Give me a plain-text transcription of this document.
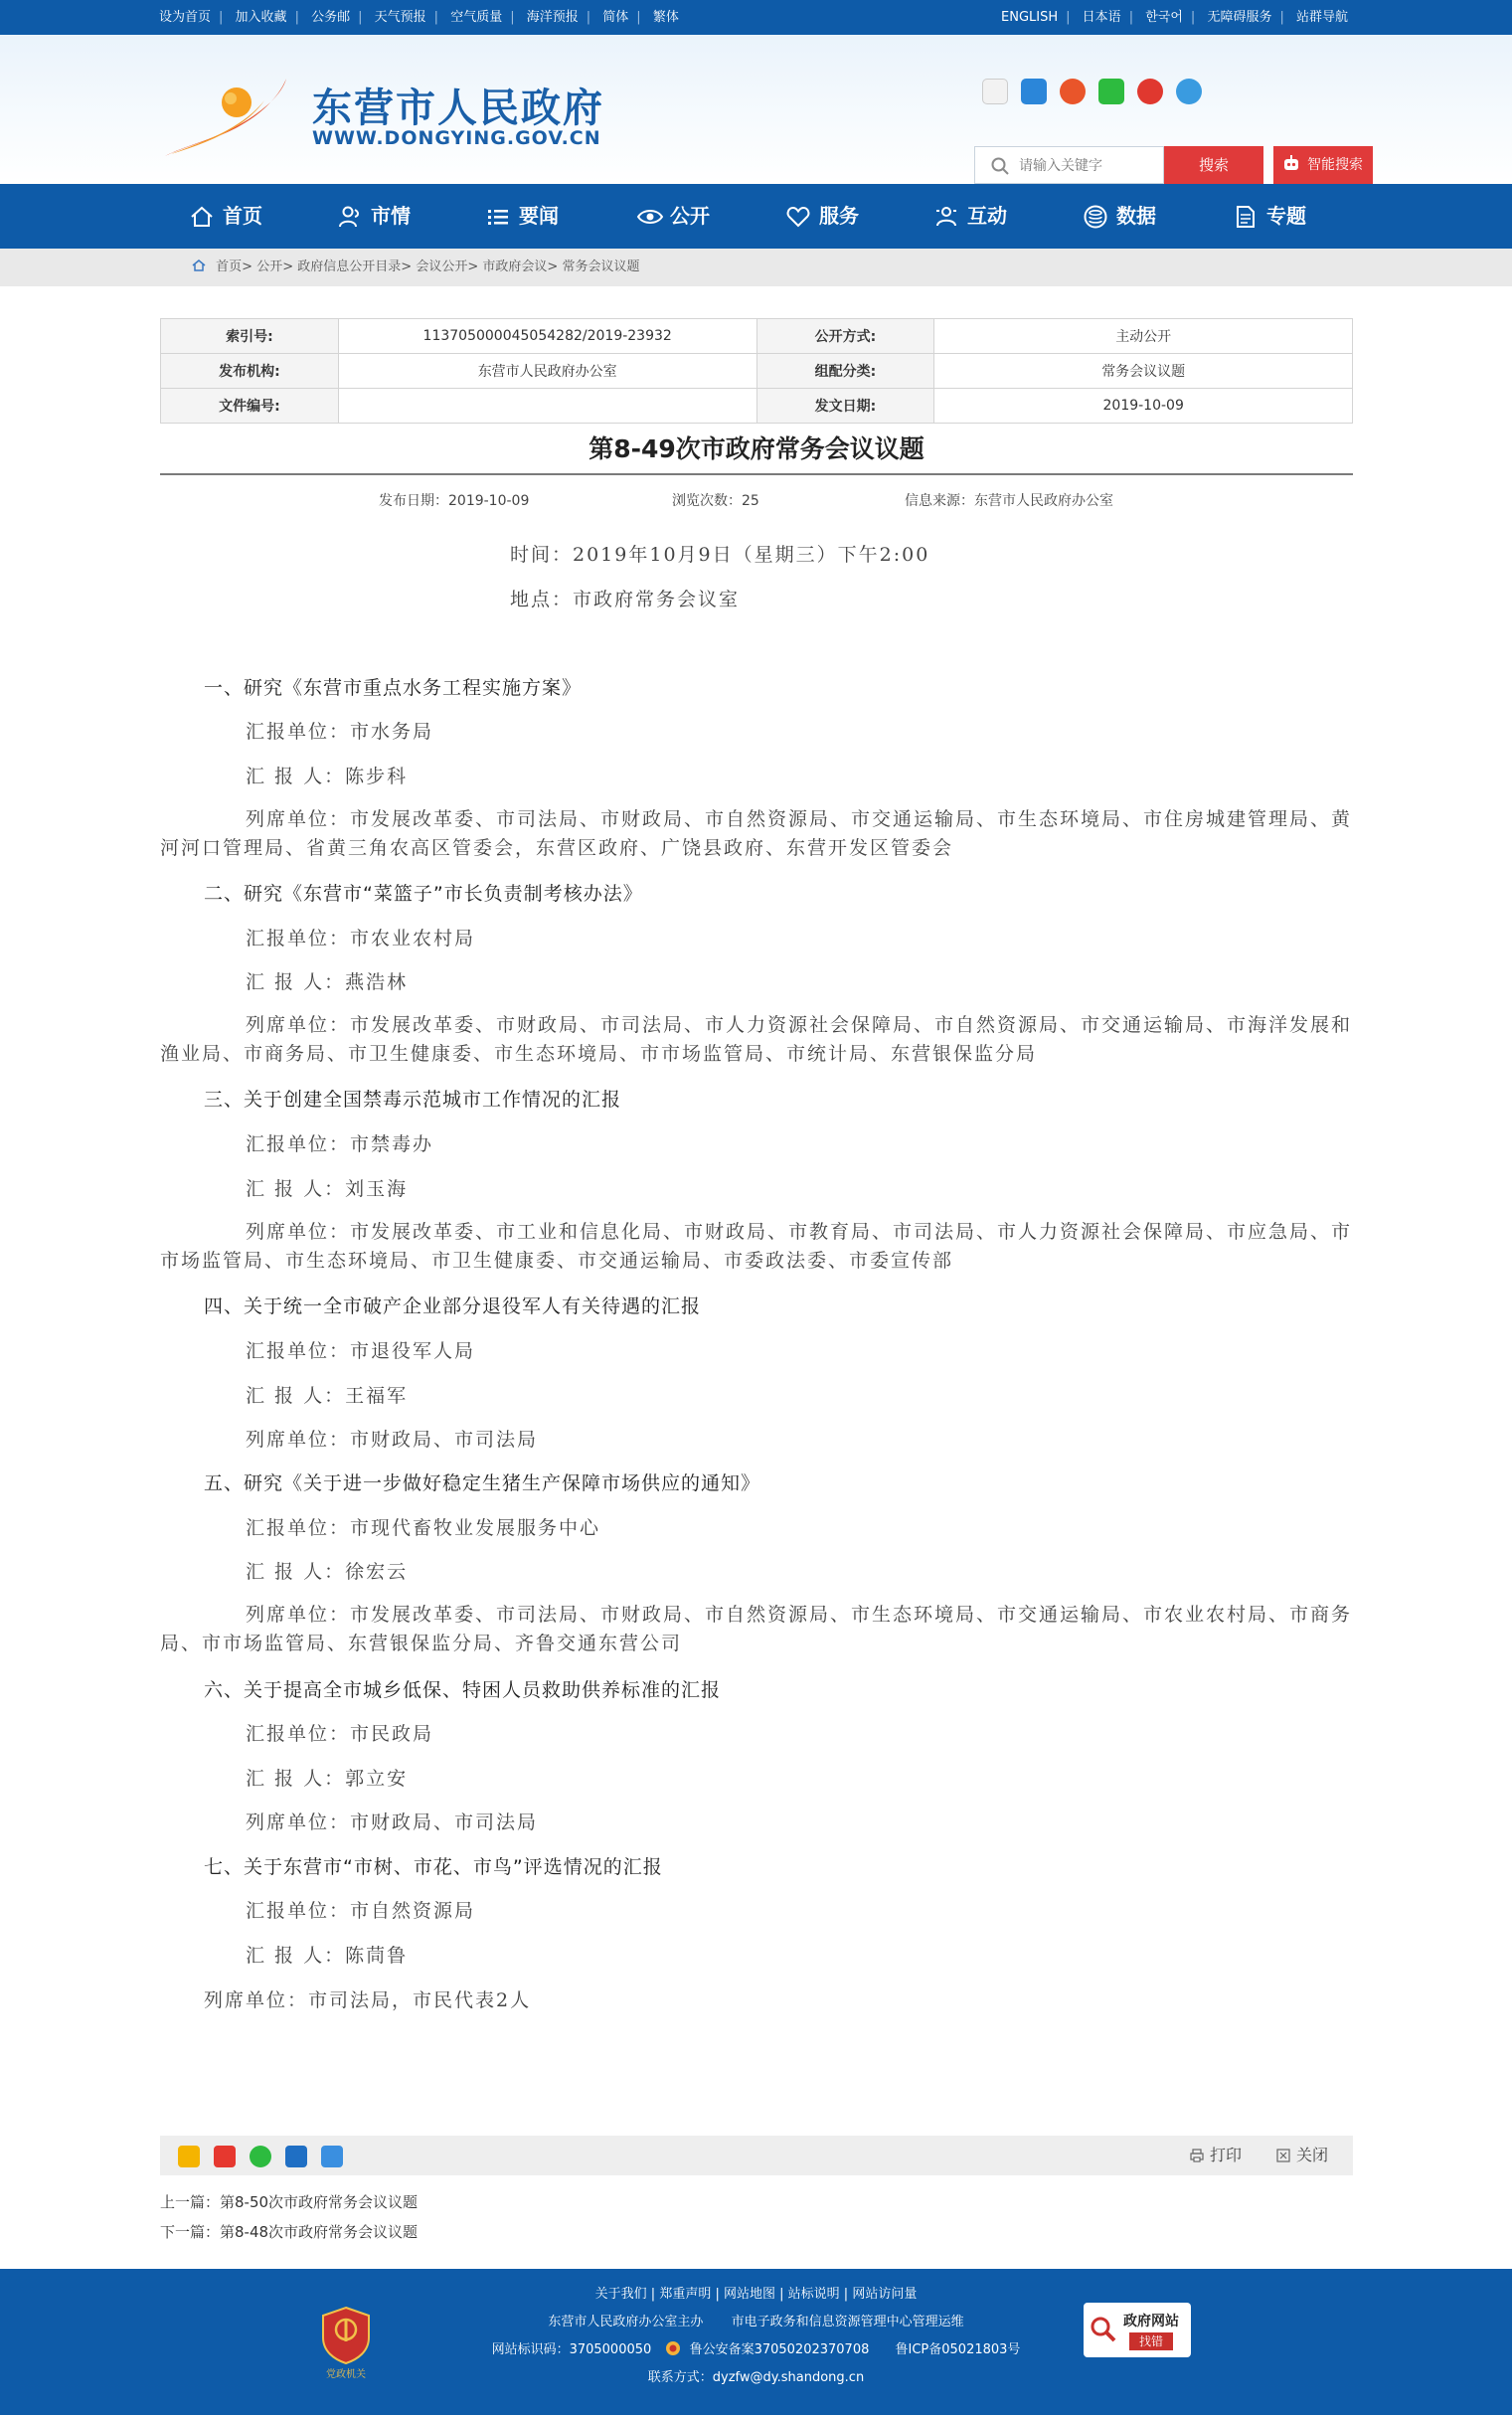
设为首页 | 加入收藏 | 公务邮 | 天气预报 | 空气质量 | 海洋预报 | 简体 | 繁体	ENGLISH | 日本语 | 한국어 | 无障碍服务 | 站群导航
东营市人民政府
WWW.DONGYING.GOV.CN

请输入关键字
搜索	智能搜索
首页	市情	要闻	公开	服务	互动	数据	专题
首页> 公开> 政府信息公开目录> 会议公开> 市政府会议> 常务会议议题
索引号:	113705000045054282/2019-23932	公开方式:	主动公开
发布机构:	东营市人民政府办公室	组配分类:	常务会议议题
文件编号:		发文日期:	2019-10-09
第8-49次市政府常务会议议题
发布日期：2019-10-09	浏览次数：25	信息来源：东营市人民政府办公室
时间：2019年10月9日（星期三）下午2:00
地点：市政府常务会议室
一、研究《东营市重点水务工程实施方案》
汇报单位：市水务局
汇 报 人：陈步科
列席单位：市发展改革委、市司法局、市财政局、市自然资源局、市交通运输局、市生态环境局、市住房城建管理局、黄河河口管理局、省黄三角农高区管委会，东营区政府、广饶县政府、东营开发区管委会
二、研究《东营市“菜篮子”市长负责制考核办法》
汇报单位：市农业农村局
汇 报 人：燕浩林
列席单位：市发展改革委、市财政局、市司法局、市人力资源社会保障局、市自然资源局、市交通运输局、市海洋发展和渔业局、市商务局、市卫生健康委、市生态环境局、市市场监管局、市统计局、东营银保监分局
三、关于创建全国禁毒示范城市工作情况的汇报
汇报单位：市禁毒办
汇 报 人：刘玉海
列席单位：市发展改革委、市工业和信息化局、市财政局、市教育局、市司法局、市人力资源社会保障局、市应急局、市市场监管局、市生态环境局、市卫生健康委、市交通运输局、市委政法委、市委宣传部
四、关于统一全市破产企业部分退役军人有关待遇的汇报
汇报单位：市退役军人局
汇 报 人：王福军
列席单位：市财政局、市司法局
五、研究《关于进一步做好稳定生猪生产保障市场供应的通知》
汇报单位：市现代畜牧业发展服务中心
汇 报 人：徐宏云
列席单位：市发展改革委、市司法局、市财政局、市自然资源局、市生态环境局、市交通运输局、市农业农村局、市商务局、市市场监管局、东营银保监分局、齐鲁交通东营公司
六、关于提高全市城乡低保、特困人员救助供养标准的汇报
汇报单位：市民政局
汇 报 人：郭立安
列席单位：市财政局、市司法局
七、关于东营市“市树、市花、市鸟”评选情况的汇报
汇报单位：市自然资源局
汇 报 人：陈茼鲁
列席单位：市司法局，市民代表2人

打印	关闭
上一篇：第8-50次市政府常务会议议题
下一篇：第8-48次市政府常务会议议题
关于我们 | 郑重声明 | 网站地图 | 站标说明 | 网站访问量
东营市人民政府办公室主办 市电子政务和信息资源管理中心管理运维
网站标识码：3705000050	鲁公安备案37050202370708 鲁ICP备05021803号
联系方式：dyzfw@dy.shandong.cn
党政机关
政府网站
找错
